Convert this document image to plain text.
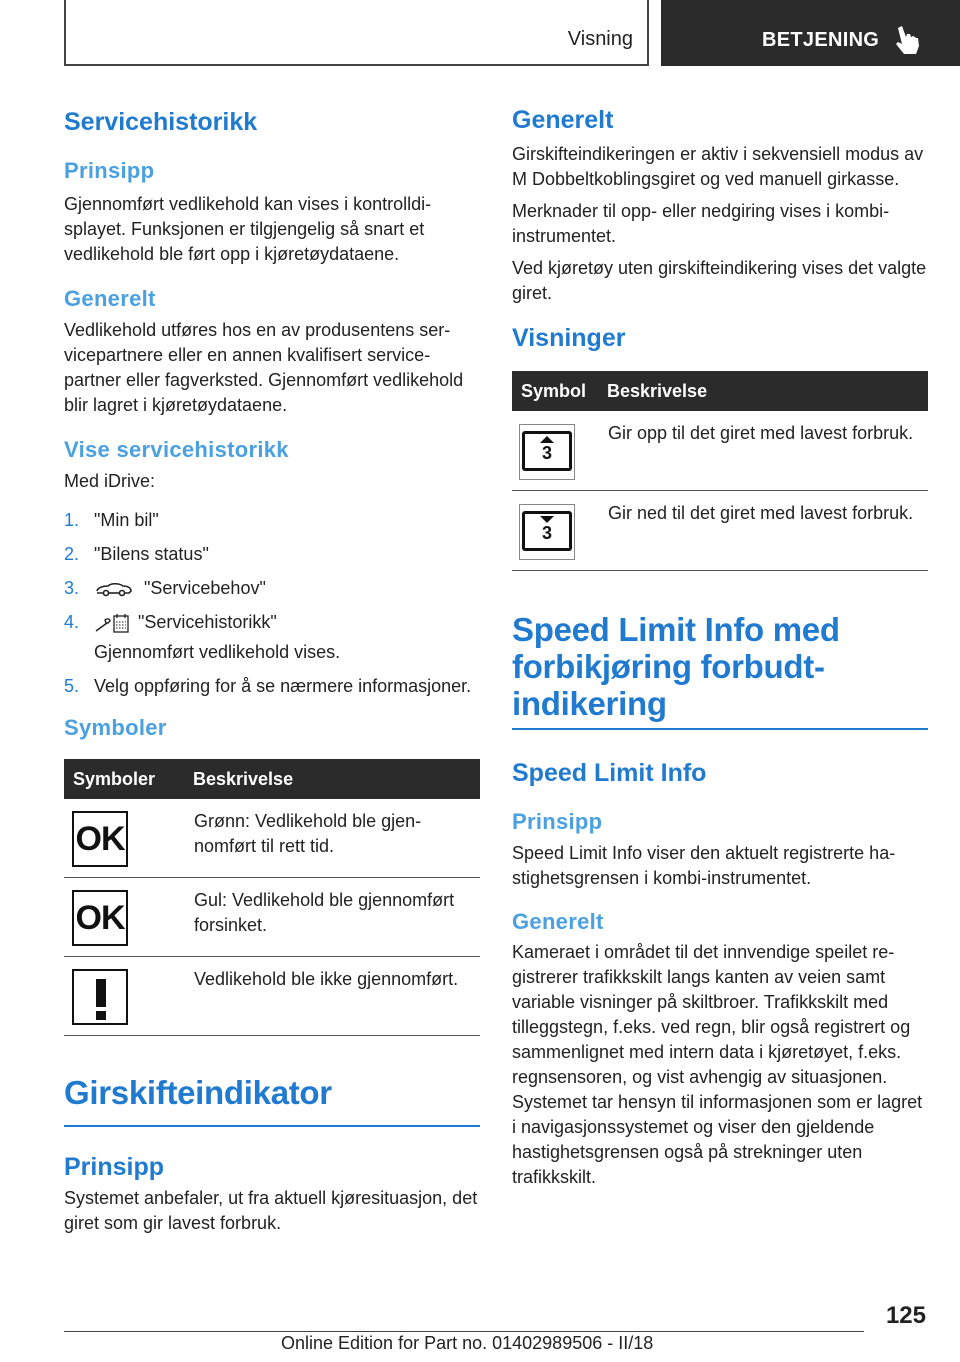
Visning	BETJENING
Servicehistorikk
Prinsipp

Gjennomført vedlikehold kan vises i kontrolldisplayet. Funksjonen er tilgjengelig så snart et vedlikehold ble ført opp i kjøretøydataene.

Generelt

Vedlikehold utføres hos en av produsentens servicepartnere eller en annen kvalifisert servicepartner eller fagverksted. Gjennomført vedlikehold blir lagret i kjøretøydataene.

Vise servicehistorikk

Med iDrive:

1. "Min bil"
2. "Bilens status"
3.	"Servicebehov"
4.	"Servicehistorikk"
Gjennomført vedlikehold vises.
5. Velg oppføring for å se nærmere informasjoner.
Symboler
Symboler	Beskrivelse

OK	Grønn: Vedlikehold ble gjennomført til rett tid.

OK	Gul: Vedlikehold ble gjennomført forsinket.

	Vedlikehold ble ikke gjennomført.
Girskifteindikator
Prinsipp

Systemet anbefaler, ut fra aktuell kjøresituasjon, det giret som gir lavest forbruk.

Generelt

Girskifteindikeringen er aktiv i sekvensiell modus av M Dobbeltkoblingsgiret og ved manuell girkasse.

Merknader til opp- eller nedgiring vises i kombiinstrumentet.

Ved kjøretøy uten girskifteindikering vises det valgte giret.

Visninger
Symbol	Beskrivelse

3	Gir opp til det giret med lavest forbruk.

3	Gir ned til det giret med lavest forbruk.
Speed Limit Info med forbikjøring forbudt-indikering
Speed Limit Info
Prinsipp

Speed Limit Info viser den aktuelt registrerte hastighetsgrensen i kombi-instrumentet.

Generelt

Kameraet i området til det innvendige speilet registrerer trafikkskilt langs kanten av veien samt variable visninger på skiltbroer. Trafikkskilt med tilleggstegn, f.eks. ved regn, blir også registrert og sammenlignet med intern data i kjøretøyet, f.eks. regnsensoren, og vist avhengig av situasjonen. Systemet tar hensyn til informasjonen som er lagret i navigasjonssystemet og viser den gjeldende hastighetsgrensen også på strekninger uten trafikkskilt.

125
Online Edition for Part no. 01402989506 - II/18
